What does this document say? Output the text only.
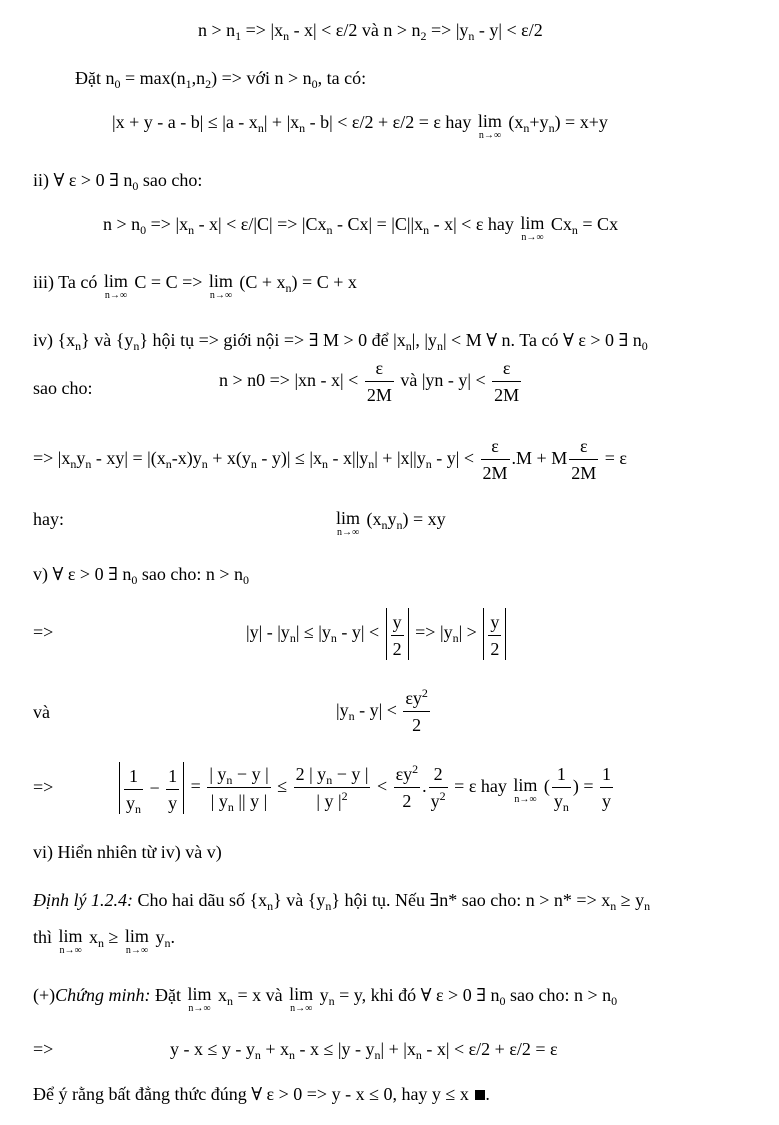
$n > n_1 => |x_n - x| < \varepsilon/2$ và $n > n_2 => |y_n - y| < \varepsilon/2$
Đặt $n_0 = \max(n_1,n_2)$ => với $n > n_0$, ta có:
$|x + y - a - b| \le |a - x_n| + |x_n - b| < \varepsilon/2 + \varepsilon/2 = \varepsilon$ hay lim
n→∞
$(x_n+y_n) = x+y$
ii) ∀ ε > 0 ∃ $n_0$ sao cho:
$n > n_0 => |x_n - x| < \varepsilon/|C| => |Cx_n - Cx| = |C||x_n - x| < \varepsilon$ hay lim
n→∞
$Cx_n = Cx$
iii) Ta có lim
n→∞
C = C => lim
n→∞
$(C + x_n) = C + x$
iv) $\{x_n\}$ và $\{y_n\}$ hội tụ => giới nội => ∃ M > 0 để $|x_n|$, $|y_n| < M$ ∀ n. Ta có ∀ ε > 0 ∃ $n_0$
sao cho:	$n > n0 => |xn - x| < \frac{\varepsilon}{2M}$ và $|yn - y| < \frac{\varepsilon}{2M}$
=> $|x_ny_n - xy| = |(x_n-x)y_n + x(y_n - y)| \le |x_n - x||y_n| + |x||y_n - y| < \frac{\varepsilon}{2M} .M + M \frac{\varepsilon}{2M} = \varepsilon$
hay:	lim
n→∞
$(x_ny_n)$ = xy
v) ∀ ε > 0 ∃ $n_0$ sao cho: $n > n_0$
=>	$|y| - |y_n| \le |y_n - y| < \frac{y}{2} => |y_n| > \frac{y}{2}$
và	$|y_n - y| < \frac{\varepsilon y^2}{2}$
=>	$\frac{1}{y_n} - \frac{1}{y} = \frac{| y_n - y |}{| y_n || y |} \le \frac{2 | y_n - y |}{| y |^2} < \frac{\varepsilon y^2}{2}$ . $\frac{2}{y^2} = \varepsilon$ hay lim
n→∞
( $\frac{1}{y_n}$ ) = $\frac{1}{y}$
vi) Hiển nhiên từ iv) và v)
Định lý 1.2.4: Cho hai dãu số $\{x_n\}$ và $\{y_n\}$ hội tụ. Nếu ∃n* sao cho: $n > n* => x_n \ge y_n$
thì lim
n→∞
$x_n \ge \lim$
n→∞
$y_n$.
(+)Chứng minh: Đặt lim
n→∞
$x_n = x$ và lim
n→∞
$y_n = y$, khi đó ∀ ε > 0 ∃ $n_0$ sao cho: $n > n_0$
=>	$y - x \le y - y_n + x_n - x \le |y - y_n| + |x_n - x| < \varepsilon/2 + \varepsilon/2 = \varepsilon$
Để ý rằng bất đẳng thức đúng ∀ ε > 0 => y - x ≤ 0, hay y ≤ x .
